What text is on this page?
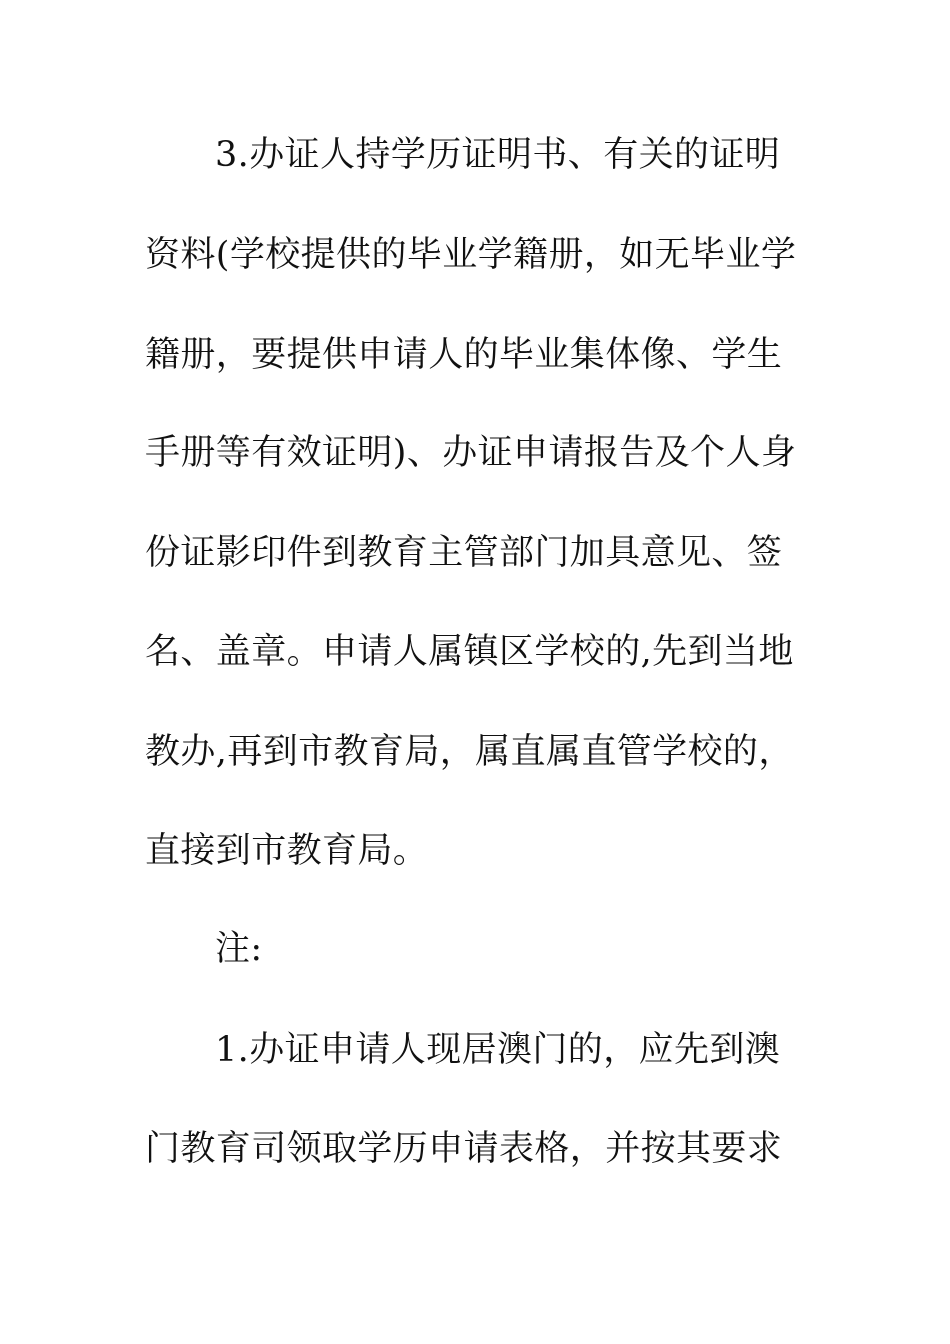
3.办证人持学历证明书、有关的证明
资料(学校提供的毕业学籍册，如无毕业学
籍册，要提供申请人的毕业集体像、学生
手册等有效证明)、办证申请报告及个人身
份证影印件到教育主管部门加具意见、签
名、盖章。申请人属镇区学校的,先到当地
教办,再到市教育局，属直属直管学校的，
直接到市教育局。
注:
1.办证申请人现居澳门的，应先到澳
门教育司领取学历申请表格，并按其要求
